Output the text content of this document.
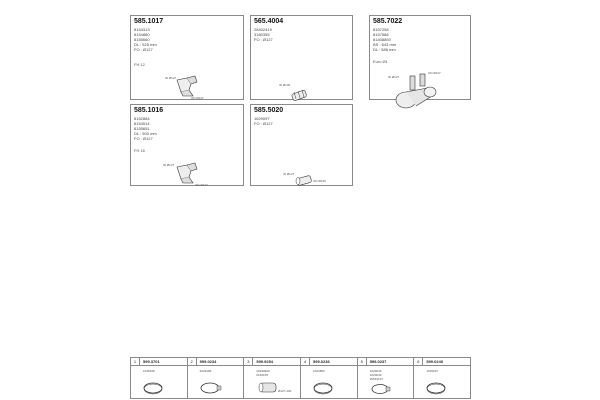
585.1017
8154313
8154880
8155660
DL : 525 mm
FO : Ø127
FH 12
ID Ø127
OD Ø127
565.4004
28402419
3180355
FO : Ø127
ID Ø130
585.7022
8157258
8157588
81408850
BS : 643 mm
DL : 586 mm
Euro Ø1
ID Ø127
OD Ø127
585.1016
8152884
8154514
8155651
DL : 500 mm
FO : Ø127
FH 16
ID Ø127
OD Ø127
585.5020
1629097
FO : Ø127
ID Ø127
OD Ø130
1	599.3701
1638168
2	599.0234
9029489
3	599.9254
20499609
0150155
Ø127-130
4	599.0236
1003806
5	599.0237
1629046
1629049
20543137
6	599.0240
1629097
